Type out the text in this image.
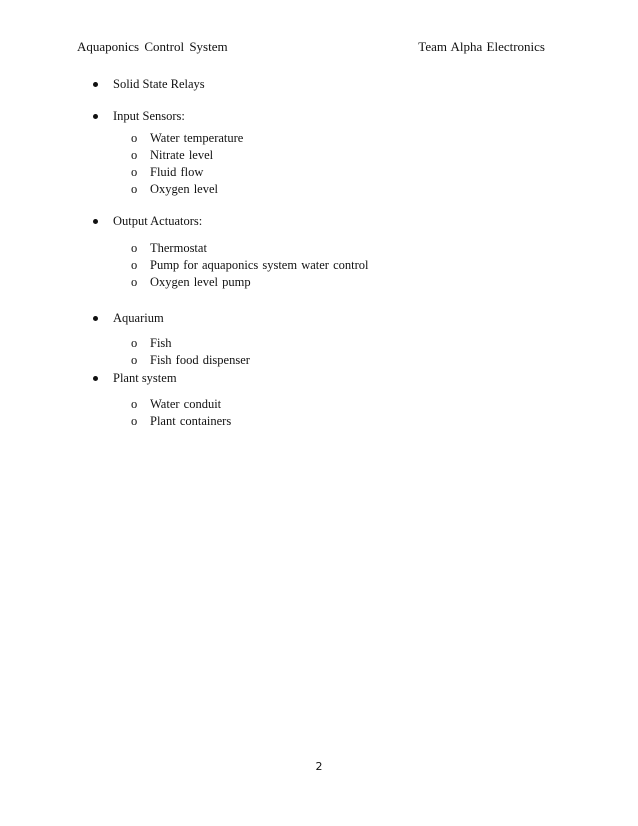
Aquaponics Control System	Team Alpha Electronics
Solid State Relays
Input Sensors:
o Water temperature
o Nitrate level
o Fluid flow
o Oxygen level
Output Actuators:
o Thermostat
o Pump for aquaponics system water control
o Oxygen level pump
Aquarium
o Fish
o Fish food dispenser
Plant system
o Water conduit
o Plant containers
2
